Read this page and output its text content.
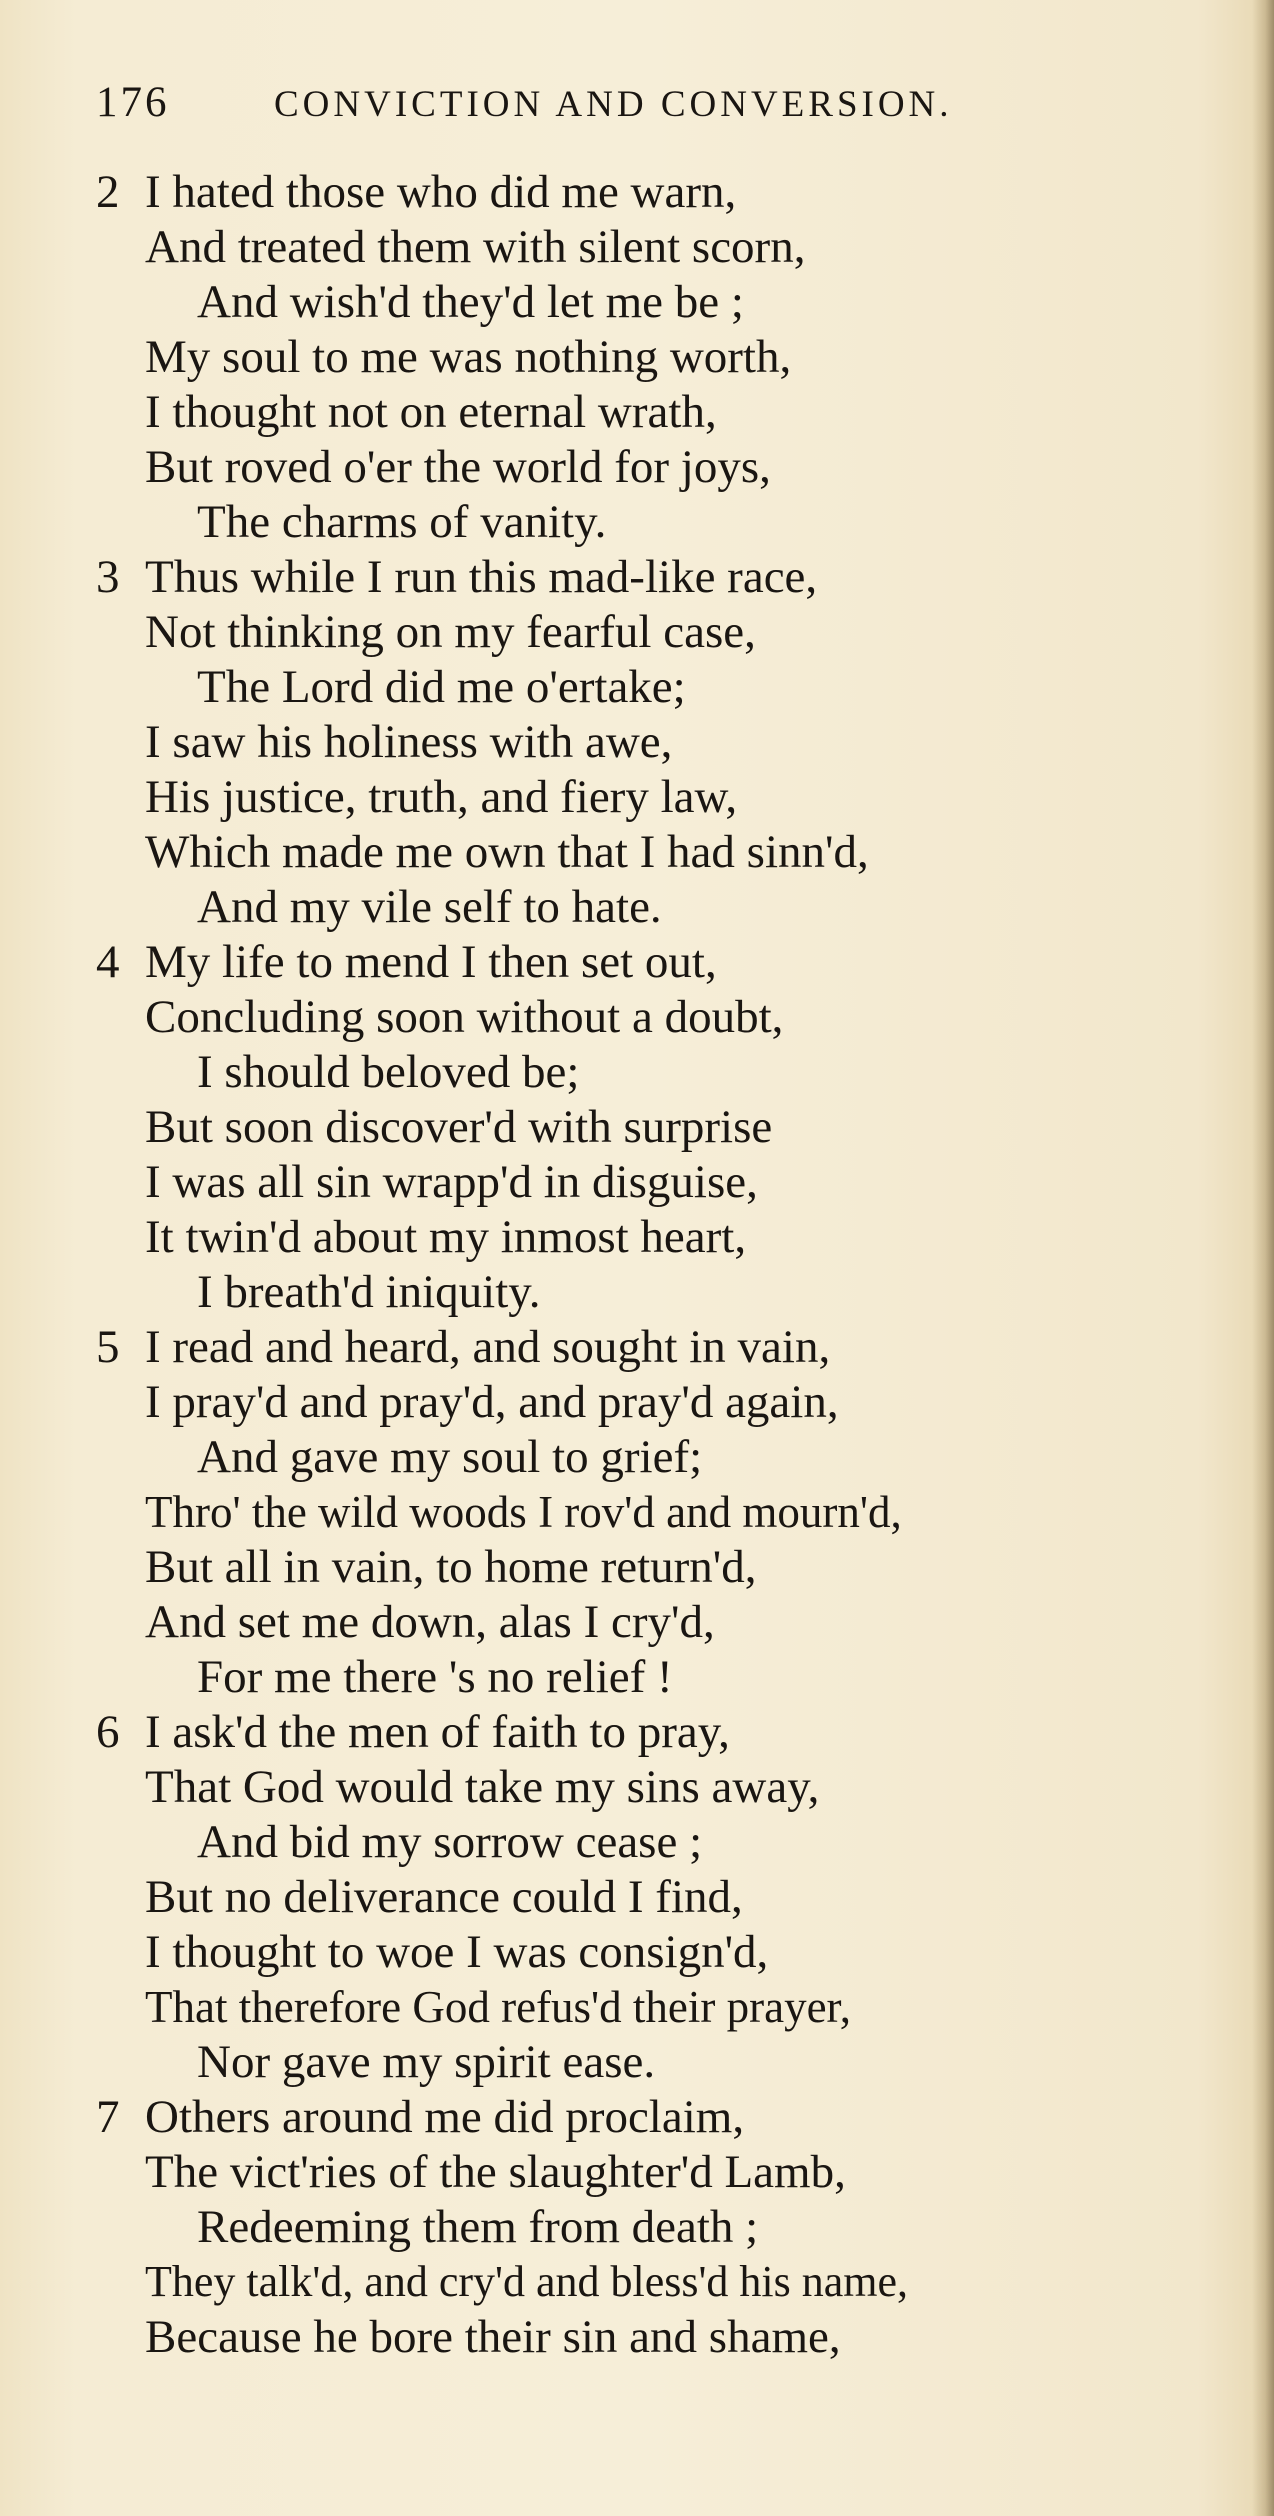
176	CONVICTION AND CONVERSION.
2 I hated those who did me warn,
And treated them with silent scorn,
And wish'd they'd let me be ;
My soul to me was nothing worth,
I thought not on eternal wrath,
But roved o'er the world for joys,
The charms of vanity.
3 Thus while I run this mad-like race,
Not thinking on my fearful case,
The Lord did me o'ertake;
I saw his holiness with awe,
His justice, truth, and fiery law,
Which made me own that I had sinn'd,
And my vile self to hate.
4 My life to mend I then set out,
Concluding soon without a doubt,
I should beloved be;
But soon discover'd with surprise
I was all sin wrapp'd in disguise,
It twin'd about my inmost heart,
I breath'd iniquity.
5 I read and heard, and sought in vain,
I pray'd and pray'd, and pray'd again,
And gave my soul to grief;
Thro' the wild woods I rov'd and mourn'd,
But all in vain, to home return'd,
And set me down, alas I cry'd,
For me there 's no relief !
6 I ask'd the men of faith to pray,
That God would take my sins away,
And bid my sorrow cease ;
But no deliverance could I find,
I thought to woe I was consign'd,
That therefore God refus'd their prayer,
Nor gave my spirit ease.
7 Others around me did proclaim,
The vict'ries of the slaughter'd Lamb,
Redeeming them from death ;
They talk'd, and cry'd and bless'd his name,
Because he bore their sin and shame,
